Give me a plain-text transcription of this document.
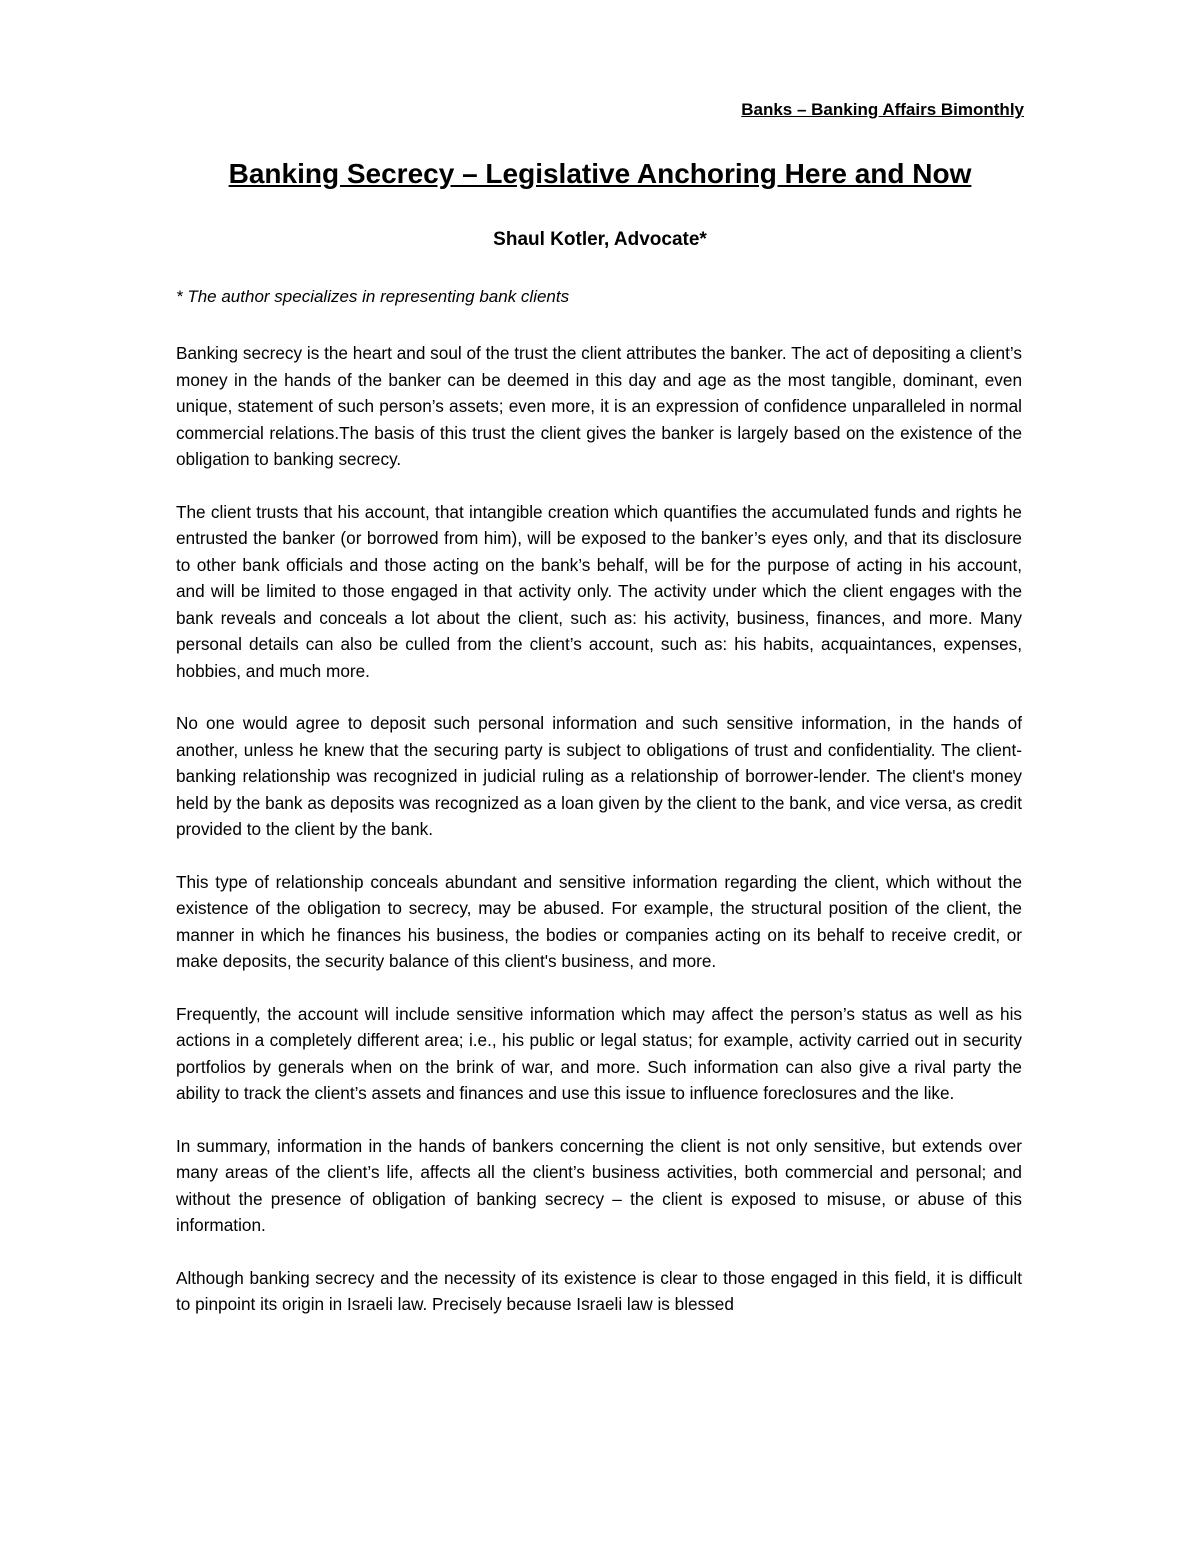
Banks – Banking Affairs Bimonthly
Banking Secrecy – Legislative Anchoring Here and Now
Shaul Kotler, Advocate*
* The author specializes in representing bank clients

Banking secrecy is the heart and soul of the trust the client attributes the banker. The act of depositing a client’s money in the hands of the banker can be deemed in this day and age as the most tangible, dominant, even unique, statement of such person’s assets; even more, it is an expression of confidence unparalleled in normal commercial relations.The basis of this trust the client gives the banker is largely based on the existence of the obligation to banking secrecy.

The client trusts that his account, that intangible creation which quantifies the accumulated funds and rights he entrusted the banker (or borrowed from him), will be exposed to the banker’s eyes only, and that its disclosure to other bank officials and those acting on the bank’s behalf, will be for the purpose of acting in his account, and will be limited to those engaged in that activity only. The activity under which the client engages with the bank reveals and conceals a lot about the client, such as: his activity, business, finances, and more. Many personal details can also be culled from the client’s account, such as: his habits, acquaintances, expenses, hobbies, and much more.

No one would agree to deposit such personal information and such sensitive information, in the hands of another, unless he knew that the securing party is subject to obligations of trust and confidentiality. The client-banking relationship was recognized in judicial ruling as a relationship of borrower-lender. The client's money held by the bank as deposits was recognized as a loan given by the client to the bank, and vice versa, as credit provided to the client by the bank.

This type of relationship conceals abundant and sensitive information regarding the client, which without the existence of the obligation to secrecy, may be abused. For example, the structural position of the client, the manner in which he finances his business, the bodies or companies acting on its behalf to receive credit, or make deposits, the security balance of this client's business, and more.

Frequently, the account will include sensitive information which may affect the person’s status as well as his actions in a completely different area; i.e., his public or legal status; for example, activity carried out in security portfolios by generals when on the brink of war, and more. Such information can also give a rival party the ability to track the client’s assets and finances and use this issue to influence foreclosures and the like.

In summary, information in the hands of bankers concerning the client is not only sensitive, but extends over many areas of the client’s life, affects all the client’s business activities, both commercial and personal; and without the presence of obligation of banking secrecy – the client is exposed to misuse, or abuse of this information.

Although banking secrecy and the necessity of its existence is clear to those engaged in this field, it is difficult to pinpoint its origin in Israeli law. Precisely because Israeli law is blessed
